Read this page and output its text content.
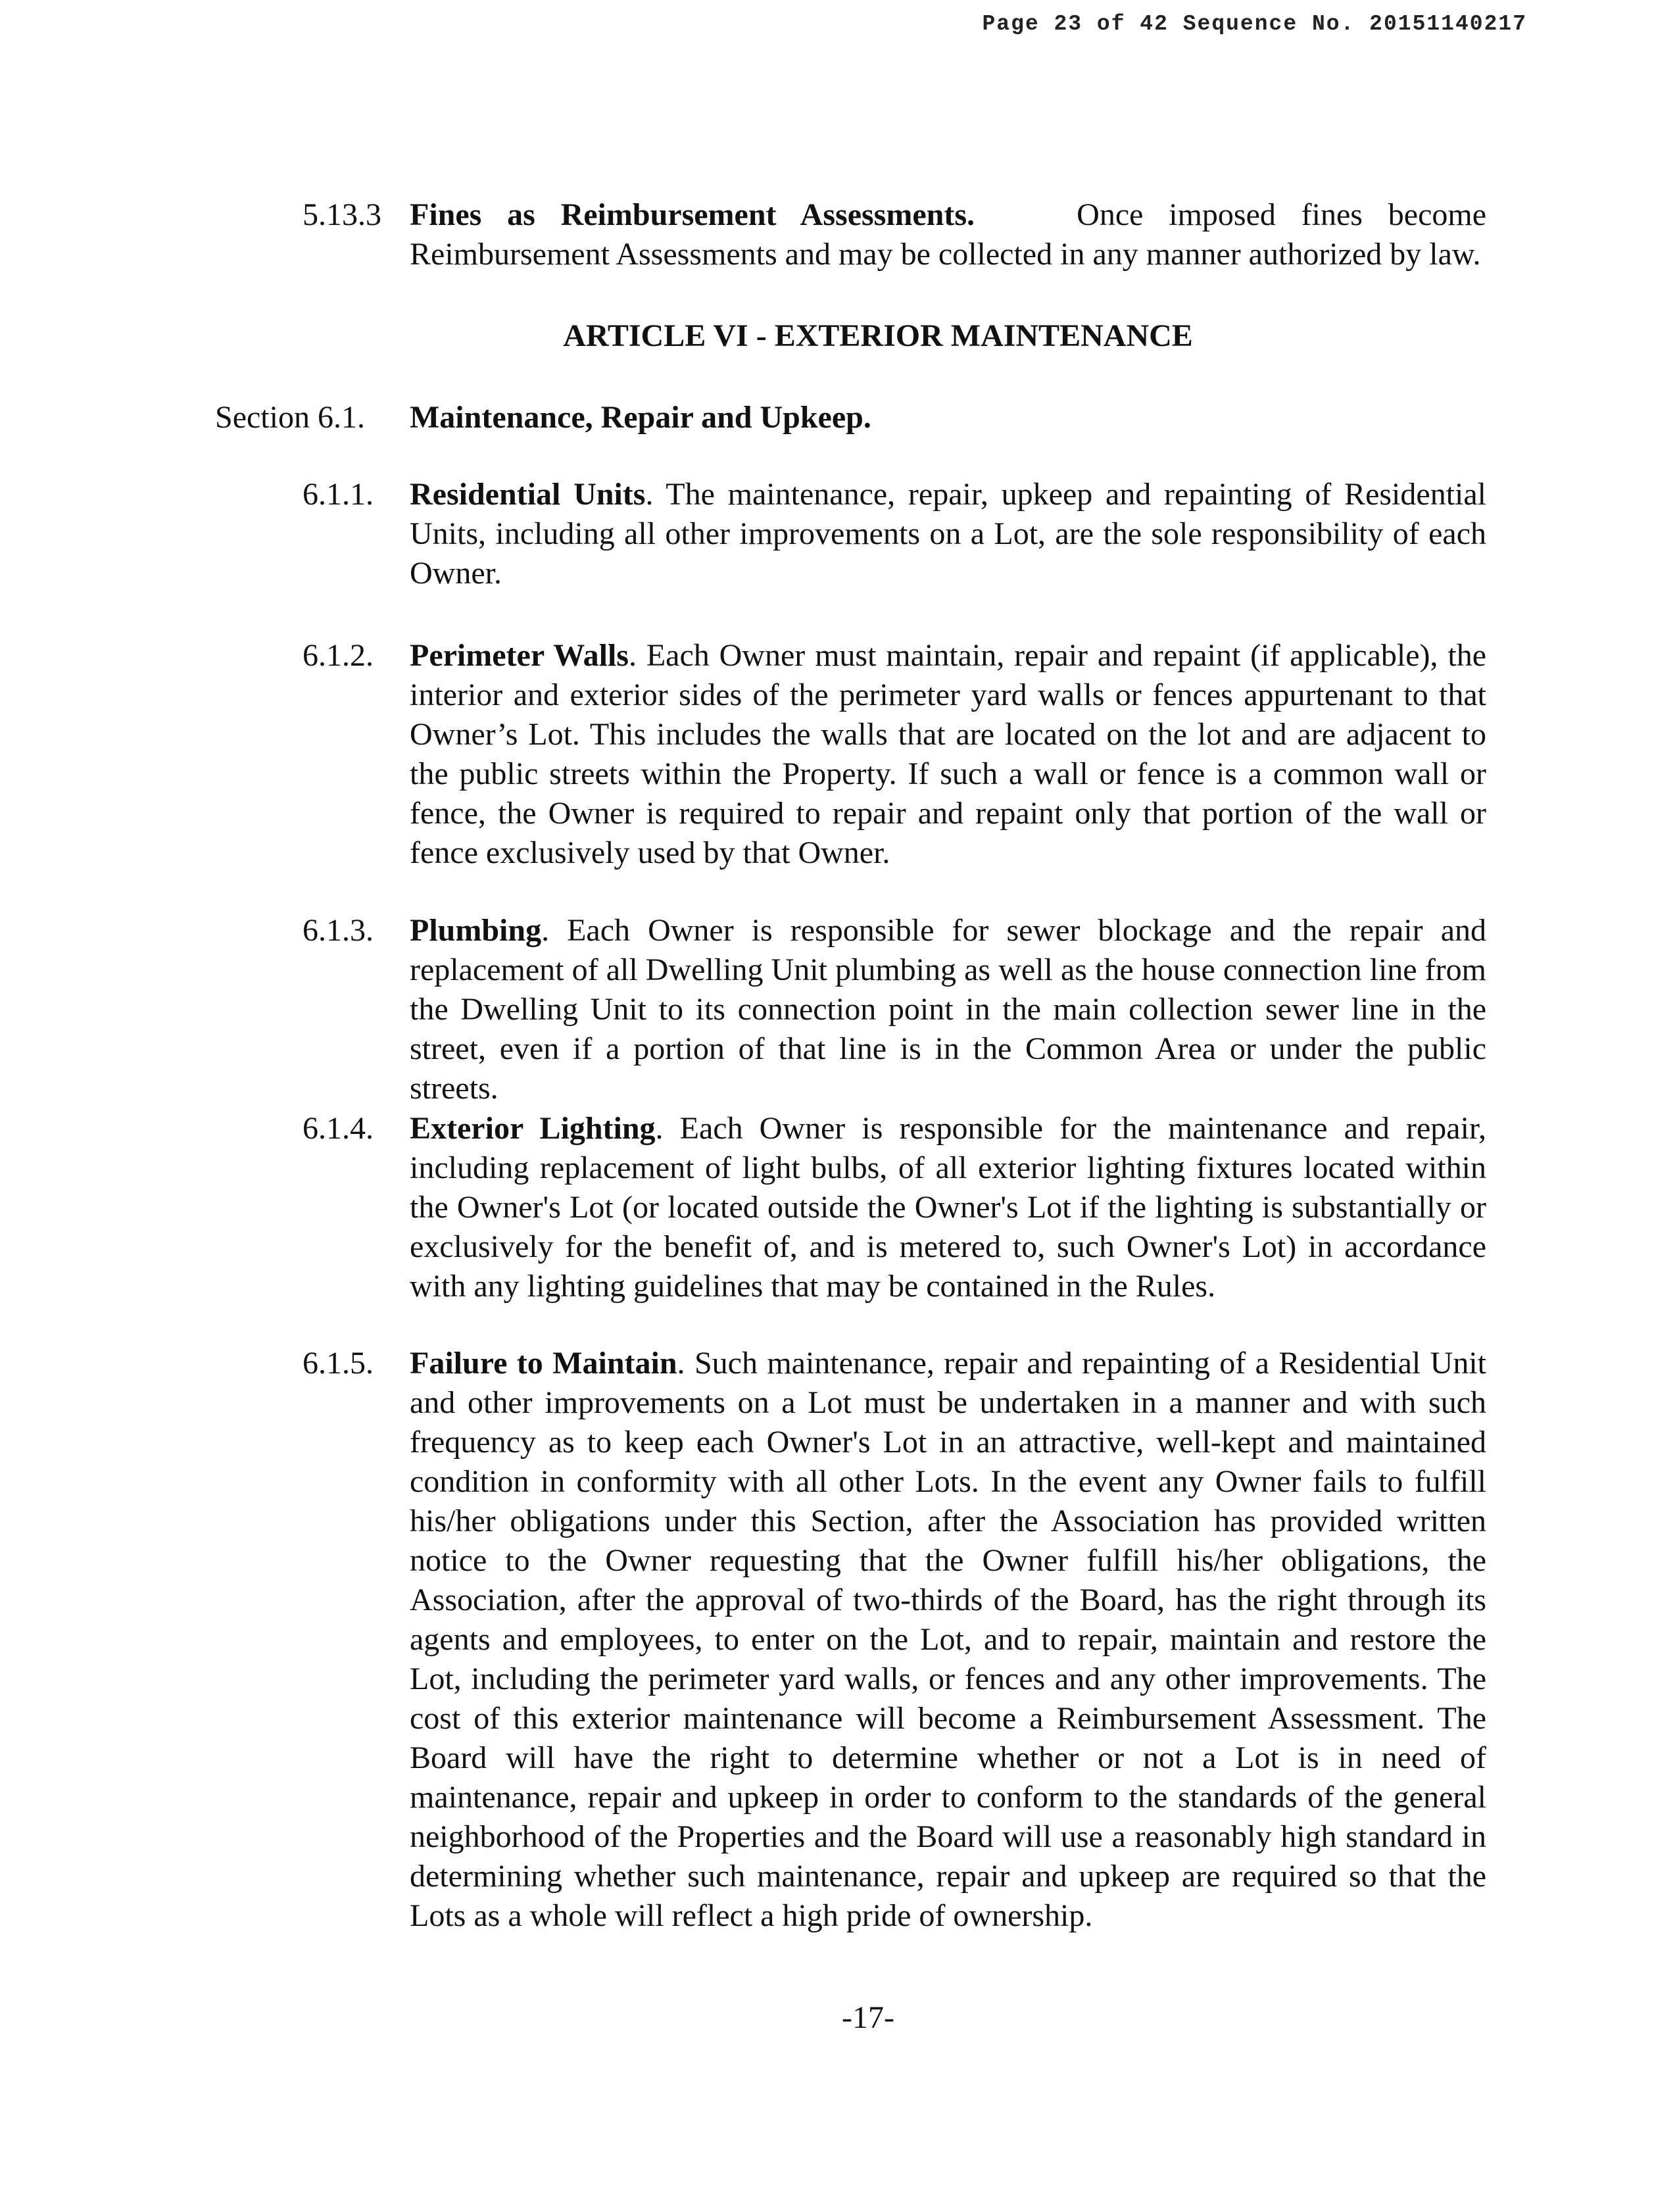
Page 23 of 42 Sequence No. 20151140217
5.13.3 Fines as Reimbursement Assessments.	Once imposed fines become Reimbursement Assessments and may be collected in any manner authorized by law.
ARTICLE VI - EXTERIOR MAINTENANCE
Section 6.1. Maintenance, Repair and Upkeep.
6.1.1.	Residential Units. The maintenance, repair, upkeep and repainting of Residential Units, including all other improvements on a Lot, are the sole responsibility of each Owner.
6.1.2.	Perimeter Walls. Each Owner must maintain, repair and repaint (if applicable), the interior and exterior sides of the perimeter yard walls or fences appurtenant to that Owner’s Lot. This includes the walls that are located on the lot and are adjacent to the public streets within the Property. If such a wall or fence is a common wall or fence, the Owner is required to repair and repaint only that portion of the wall or fence exclusively used by that Owner.
6.1.3.	Plumbing. Each Owner is responsible for sewer blockage and the repair and replacement of all Dwelling Unit plumbing as well as the house connection line from the Dwelling Unit to its connection point in the main collection sewer line in the street, even if a portion of that line is in the Common Area or under the public streets.
6.1.4.	Exterior Lighting. Each Owner is responsible for the maintenance and repair, including replacement of light bulbs, of all exterior lighting fixtures located within the Owner's Lot (or located outside the Owner's Lot if the lighting is substantially or exclusively for the benefit of, and is metered to, such Owner's Lot) in accordance with any lighting guidelines that may be contained in the Rules.
6.1.5.	Failure to Maintain. Such maintenance, repair and repainting of a Residential Unit and other improvements on a Lot must be undertaken in a manner and with such frequency as to keep each Owner's Lot in an attractive, well-kept and maintained condition in conformity with all other Lots. In the event any Owner fails to fulfill his/her obligations under this Section, after the Association has provided written notice to the Owner requesting that the Owner fulfill his/her obligations, the Association, after the approval of two-thirds of the Board, has the right through its agents and employees, to enter on the Lot, and to repair, maintain and restore the Lot, including the perimeter yard walls, or fences and any other improvements. The cost of this exterior maintenance will become a Reimbursement Assessment. The Board will have the right to determine whether or not a Lot is in need of maintenance, repair and upkeep in order to conform to the standards of the general neighborhood of the Properties and the Board will use a reasonably high standard in determining whether such maintenance, repair and upkeep are required so that the Lots as a whole will reflect a high pride of ownership.
-17-
